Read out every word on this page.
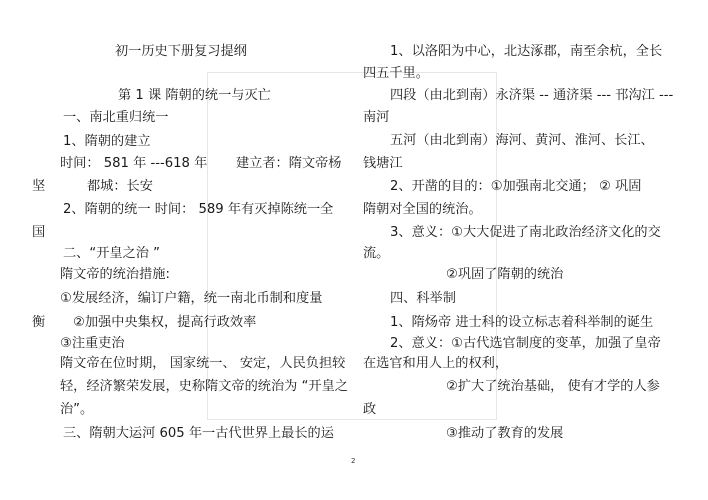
初一历史下册复习提纲
第 1 课 隋朝的统一与灭亡
一、南北重归统一
1、隋朝的建立
时间： 581 年 ---618 年 建立者：隋文帝杨
坚	都城：长安
2、隋朝的统一 时间： 589 年有灭掉陈统一全
国
二、“开皇之治 ”
隋文帝的统治措施:
①发展经济，编订户籍，统一南北币制和度量
衡 ②加强中央集权，提高行政效率
③注重吏治
隋文帝在位时期， 国家统一、 安定，人民负担较
轻，经济繁荣发展，史称隋文帝的统治为 “开皇之
治”。
三、隋朝大运河 605 年一古代世界上最长的运
1、以洛阳为中心，北达涿郡，南至余杭，全长
四五千里。
四段（由北到南）永济渠 -- 通济渠 --- 邗沟江 ---
南河
五河（由北到南）海河、黄河、淮河、长江、
钱塘江
2、开凿的目的：①加强南北交通； ② 巩固
隋朝对全国的统治。
3、意义：①大大促进了南北政治经济文化的交
流。
②巩固了隋朝的统治
四、科举制
1、隋炀帝 进士科的设立标志着科举制的诞生
2、意义：①古代选官制度的变革，加强了皇帝
在选官和用人上的权利，
②扩大了统治基础， 使有才学的人参
政
③推动了教育的发展
2
